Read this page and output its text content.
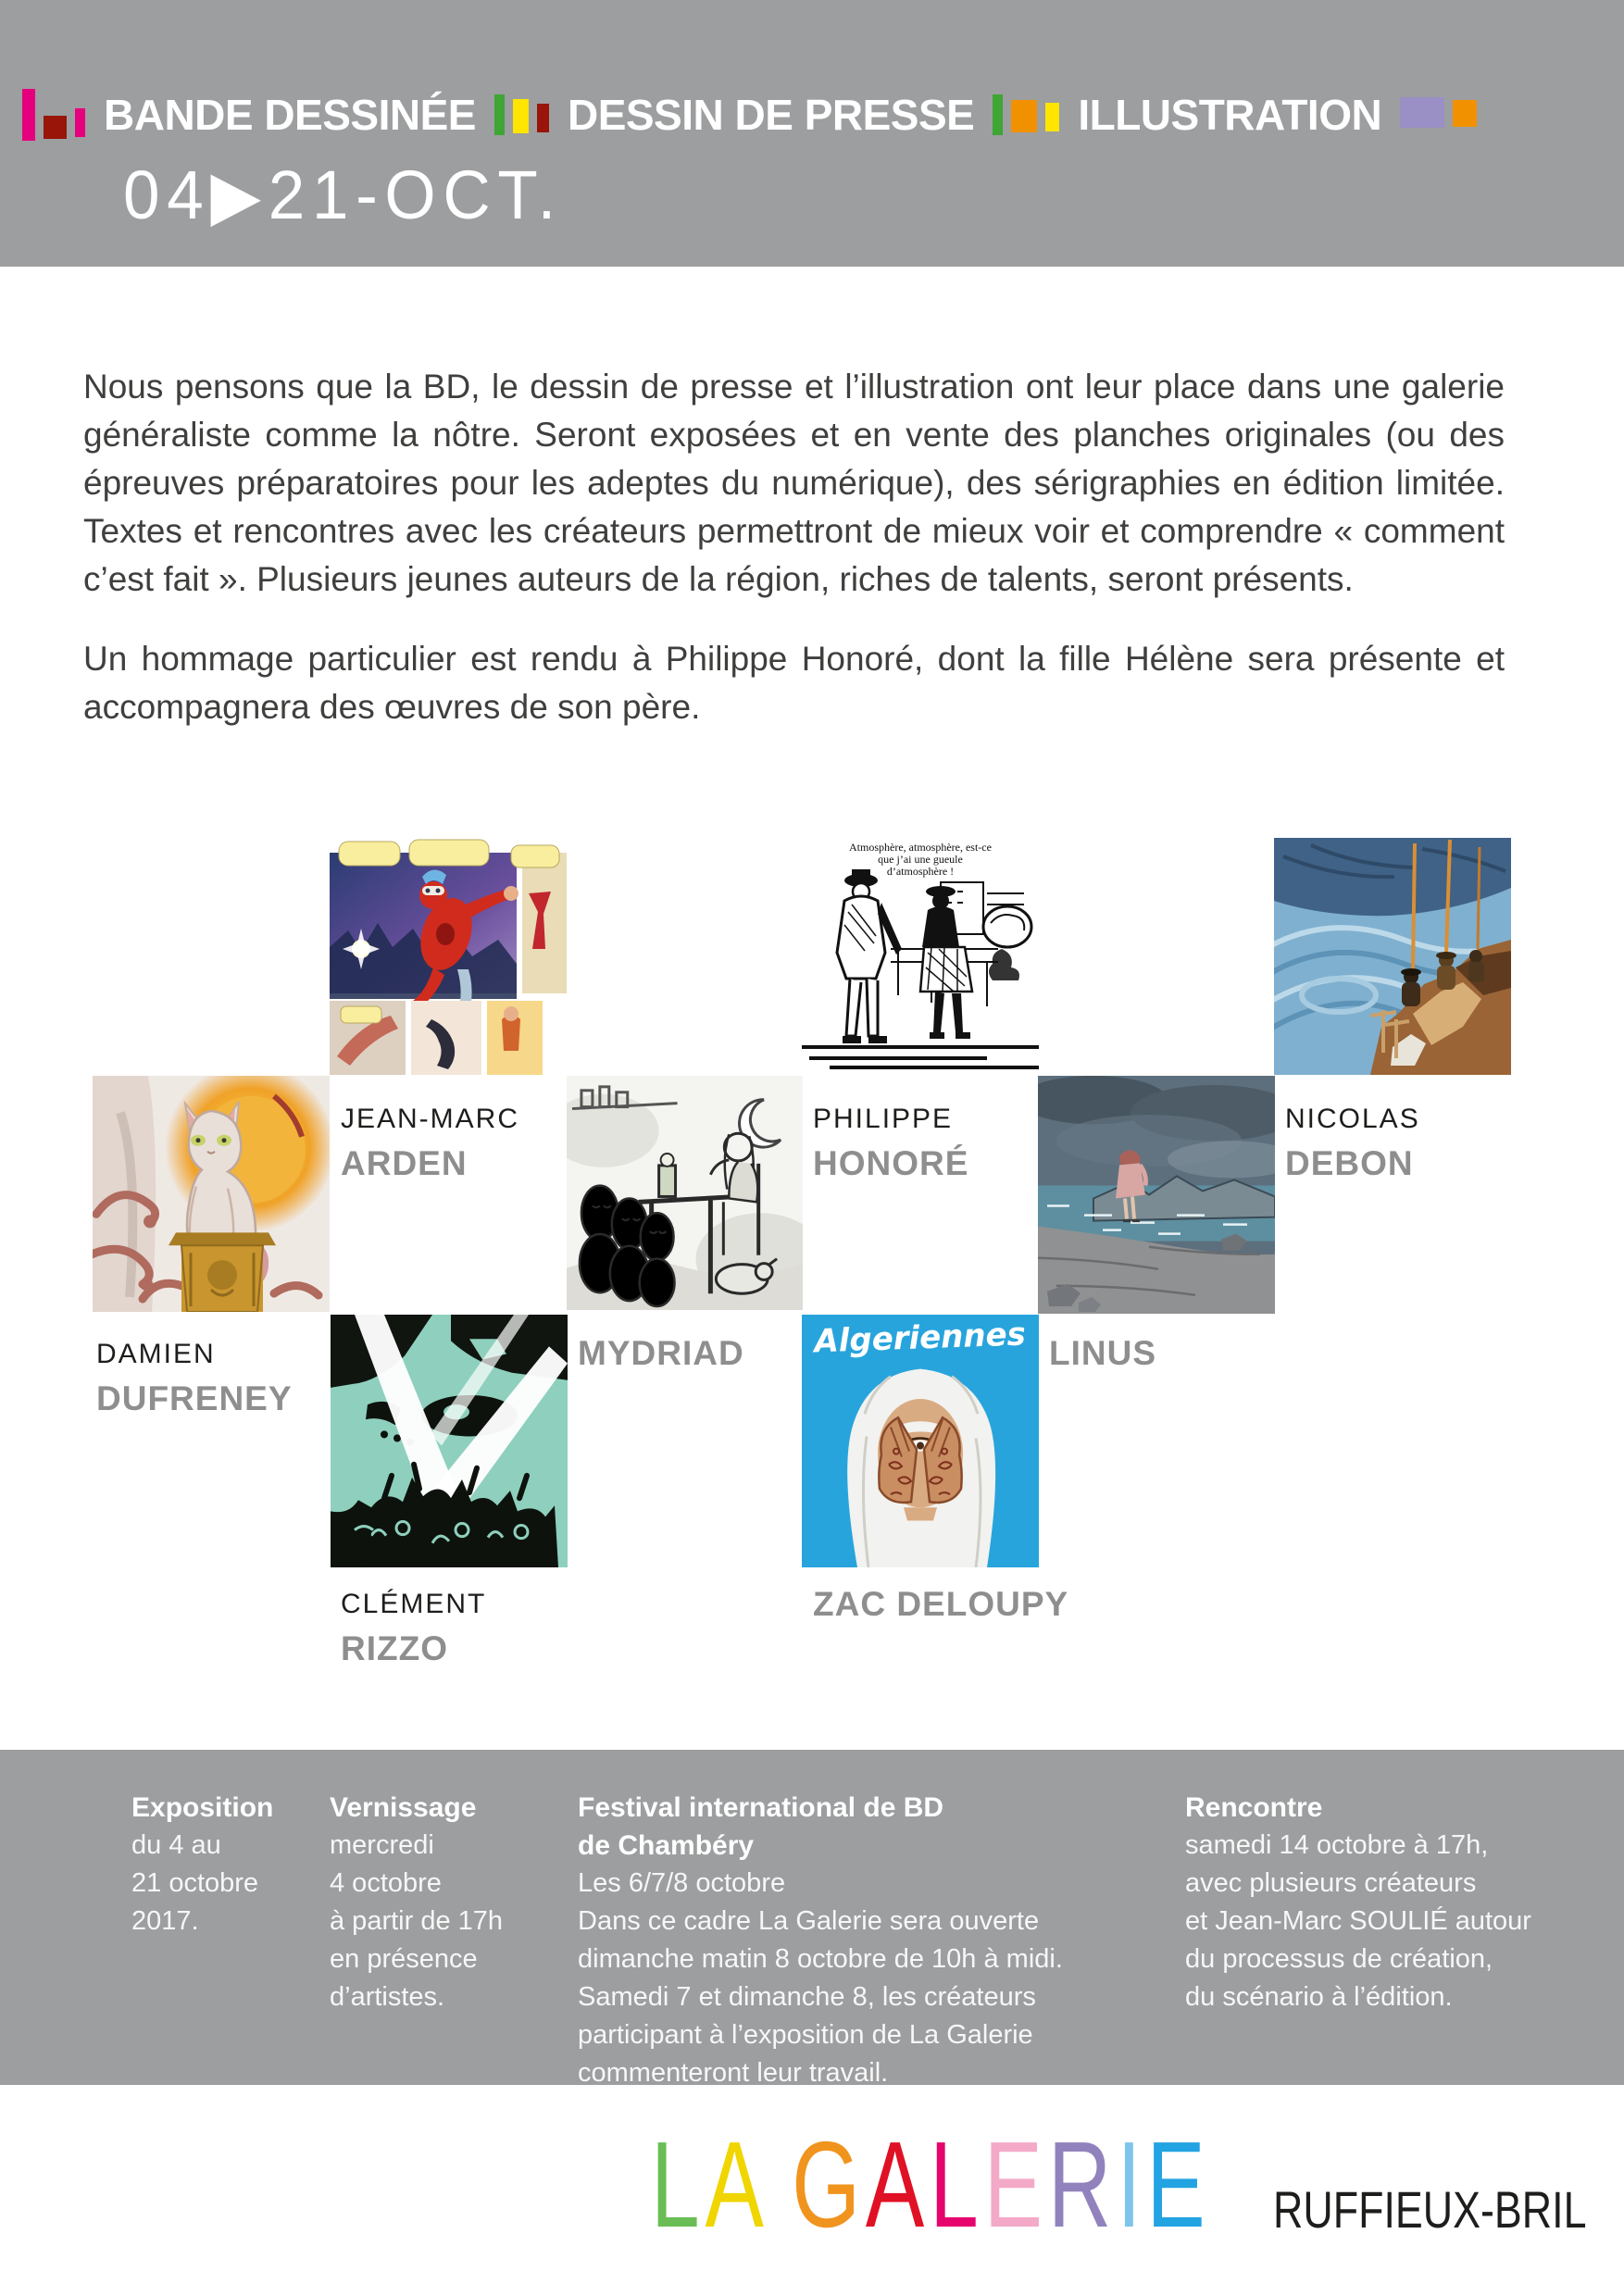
BANDE DESSINÉE DESSIN DE PRESSE ILLUSTRATION
04▶21-OCT.

Nous pensons que la BD, le dessin de presse et l’illustration ont leur place dans une galerie généraliste comme la nôtre. Seront exposées et en vente des planches originales (ou des épreuves préparatoires pour les adeptes du numérique), des sérigraphies en édition limitée. Textes et rencontres avec les créateurs permettront de mieux voir et comprendre « comment c’est fait ». Plusieurs jeunes auteurs de la région, riches de talents, seront présents.

Un hommage particulier est rendu à Philippe Honoré, dont la fille Hélène sera présente et accompagnera des œuvres de son père.

Atmosphère, atmosphère, est-ce
que j’ai une gueule
d’atmosphère !
Algeriennes
JEAN-MARC
ARDEN
PHILIPPE
HONORÉ
NICOLAS
DEBON
DAMIEN
DUFRENEY
MYDRIAD	LINUS
CLÉMENT
RIZZO
ZAC DELOUPY
Exposition
du 4 au
21 octobre
2017.
Vernissage
mercredi
4 octobre
à partir de 17h
en présence
d’artistes.
Festival international de BD
de Chambéry
Les 6/7/8 octobre
Dans ce cadre La Galerie sera ouverte
dimanche matin 8 octobre de 10h à midi.
Samedi 7 et dimanche 8, les créateurs
participant à l’exposition de La Galerie
commenteront leur travail.
Rencontre
samedi 14 octobre à 17h,
avec plusieurs créateurs
et Jean-Marc SOULIÉ autour
du processus de création,
du scénario à l’édition.
L A G A L E R I E RUFFIEUX-BRIL
